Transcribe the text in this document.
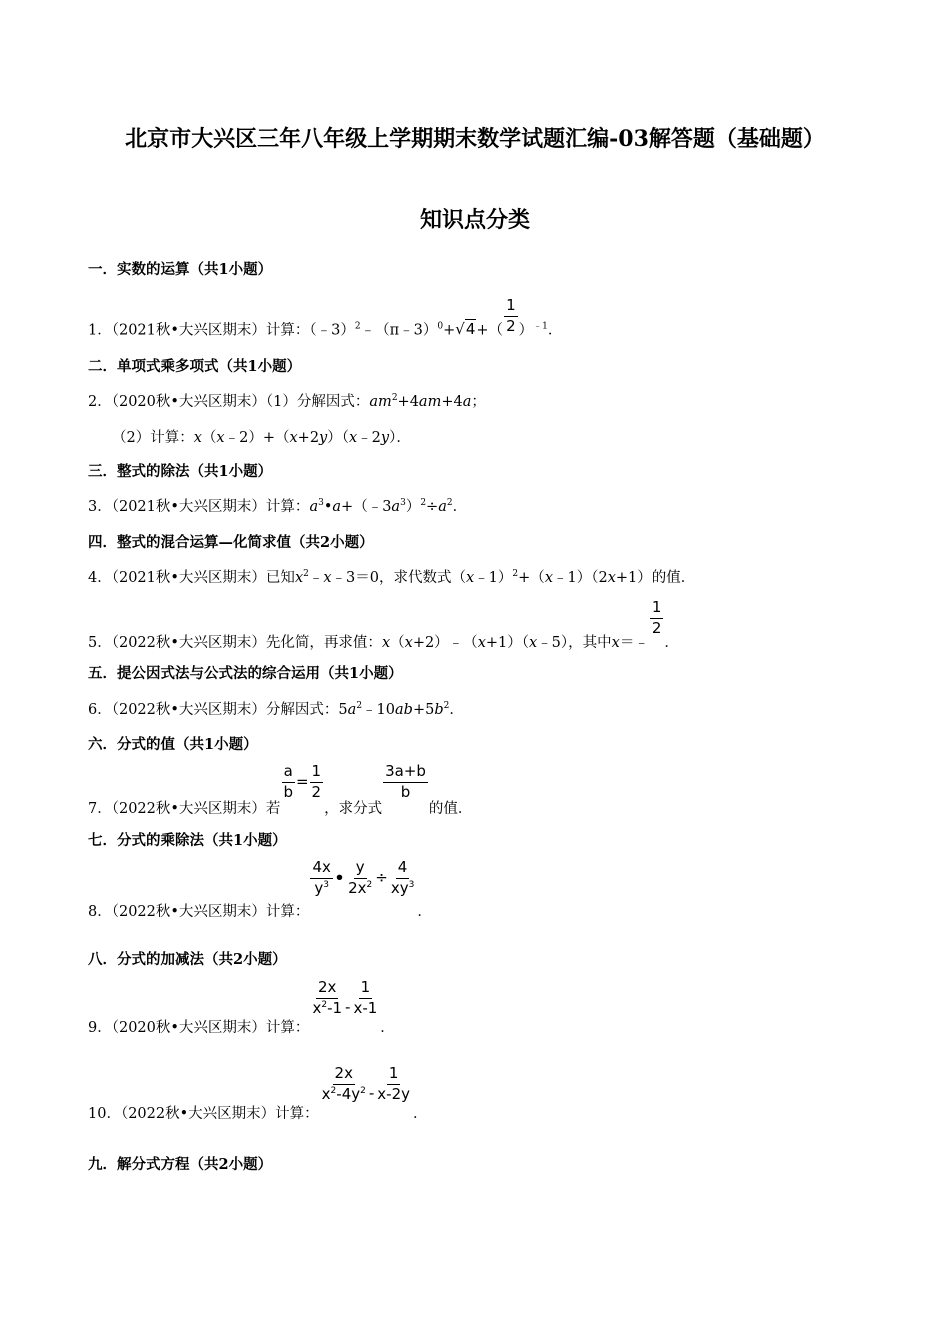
北京市大兴区三年八年级上学期期末数学试题汇编-03解答题（基础题）
知识点分类
一．实数的运算（共1小题）
1．（2021秋•大兴区期末）计算：（﹣3）$^2$﹣（π﹣3）$^0$+√4+（ $\frac{1}{2} )^{﹣1}$．
二．单项式乘多项式（共1小题）
2．（2020秋•大兴区期末）（1）分解因式：$am^2+4am+4a$；
（2）计算：x（x﹣2）+（x+2y）（x﹣2y）．
三．整式的除法（共1小题）
3．（2021秋•大兴区期末）计算：$a^3•a+(﹣3a^3)^2\div a^2$．
四．整式的混合运算—化简求值（共2小题）
4．（2021秋•大兴区期末）已知$x^2﹣x﹣3=0$，求代数式（x﹣1）$^2$+（x﹣1）（2x+1）的值．
5．（2022秋•大兴区期末）先化简，再求值：x（x+2）﹣（x+1）（x﹣5），其中x＝﹣
$\frac{1}{2}$
．
五．提公因式法与公式法的综合运用（共1小题）
6．（2022秋•大兴区期末）分解因式：$5a^2﹣10ab+5b^2$．
六．分式的值（共1小题）
7．（2022秋•大兴区期末）若
$\frac{a}{b} = \frac{1}{2}$
，求分式
$\frac{3a+b}{b}$
的值．
七．分式的乘除法（共1小题）
8．（2022秋•大兴区期末）计算：
$\frac{4x}{y^3}$ • $\frac{y}{2x^2} \div \frac{4}{xy^3}$
．
八．分式的加减法（共2小题）
9．（2020秋•大兴区期末）计算：
$\frac{2x}{x^2-1} - \frac{1}{x-1}$
．
10．（2022秋•大兴区期末）计算：
$\frac{2x}{x^2-4y^2} - \frac{1}{x-2y}$
．
九．解分式方程（共2小题）
